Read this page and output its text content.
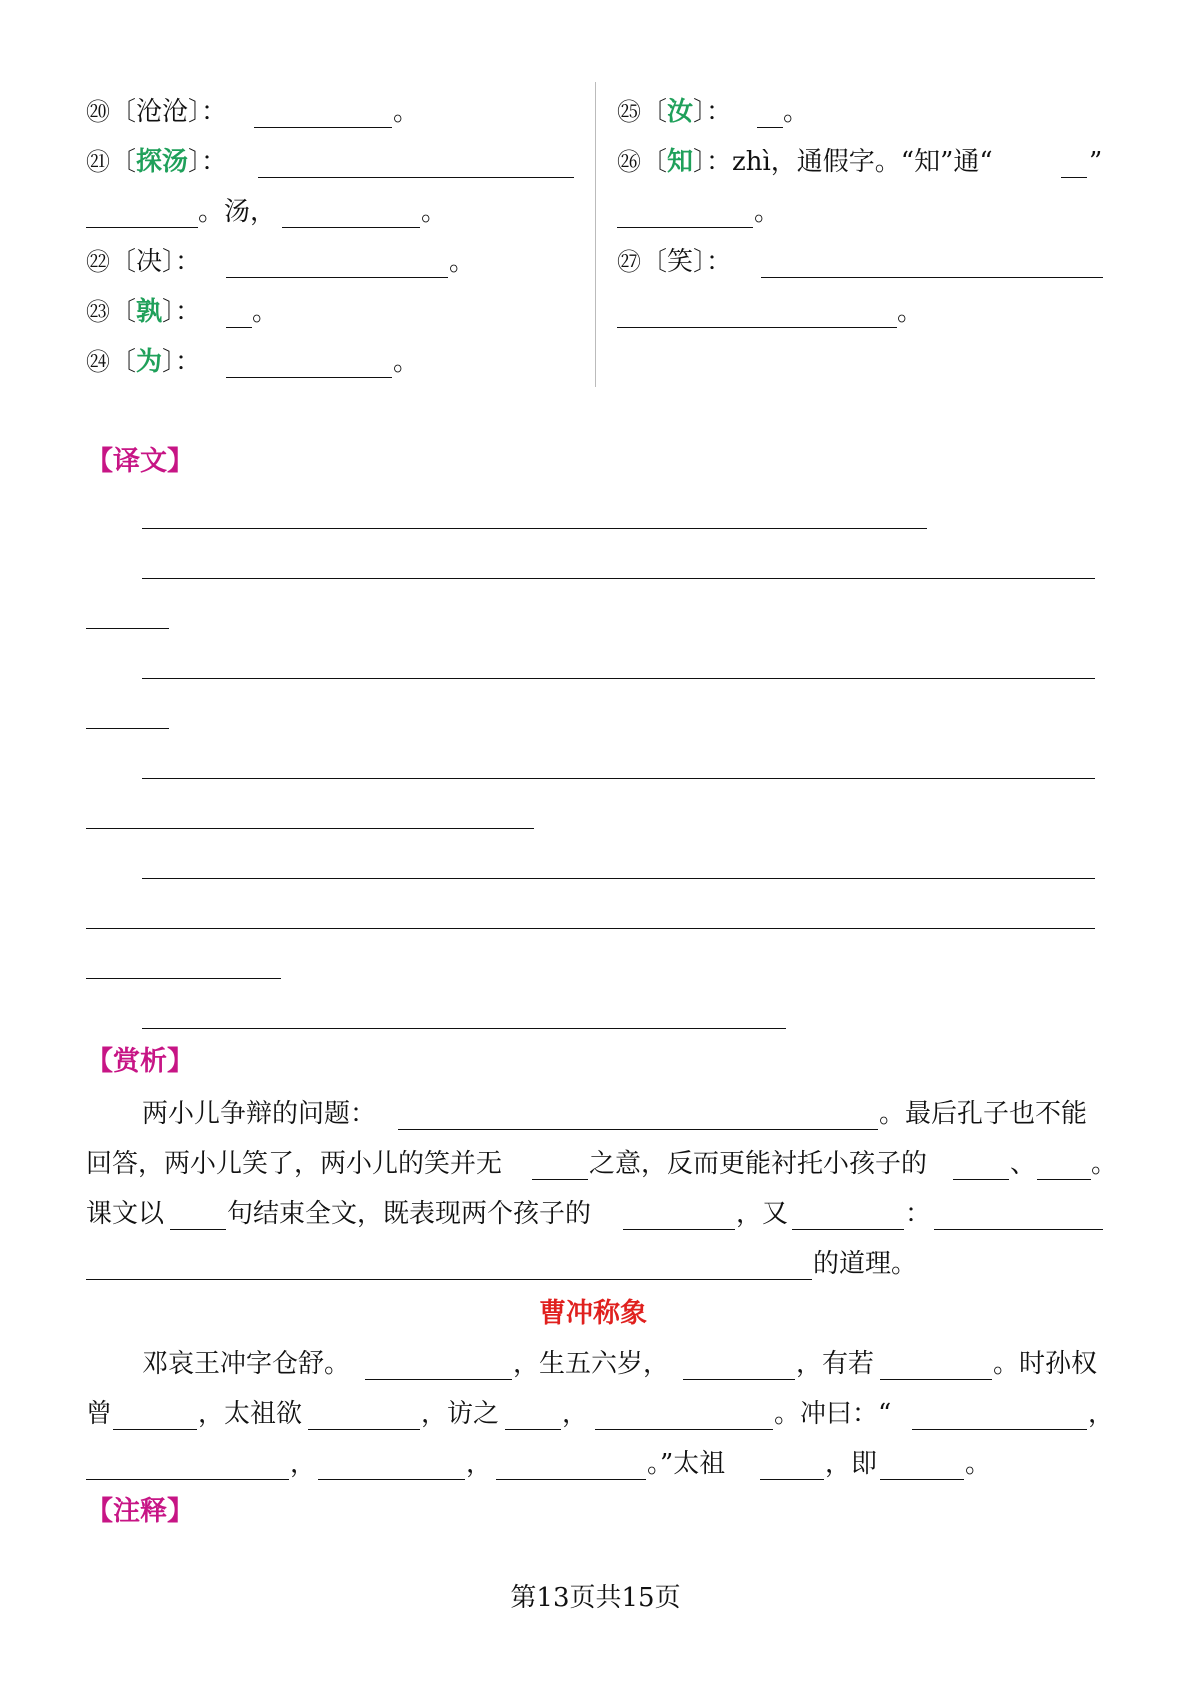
⑳〔沧沧〕：	。
㉑〔探汤〕：
。汤，	。
㉒〔决〕：	。
㉓〔孰〕： 。
㉔〔为〕：	。
㉕〔汝〕： 。
㉖〔知〕：zhì，通假字。“知”通“	”
。
㉗〔笑〕：
。
【译文】
【赏析】
两小儿争辩的问题：	。最后孔子也不能
回答，两小儿笑了，两小儿的笑并无	之意，反而更能衬托小孩子的	、 。
课文以 句结束全文，既表现两个孩子的	，又	：
的道理。
曹冲称象
邓哀王冲字仓舒。	，生五六岁，	，有若	。时孙权
曾	，太祖欲	，访之 ，	。冲曰：“	，
，	，	。”太祖	，即	。
【注释】
第13页共15页
